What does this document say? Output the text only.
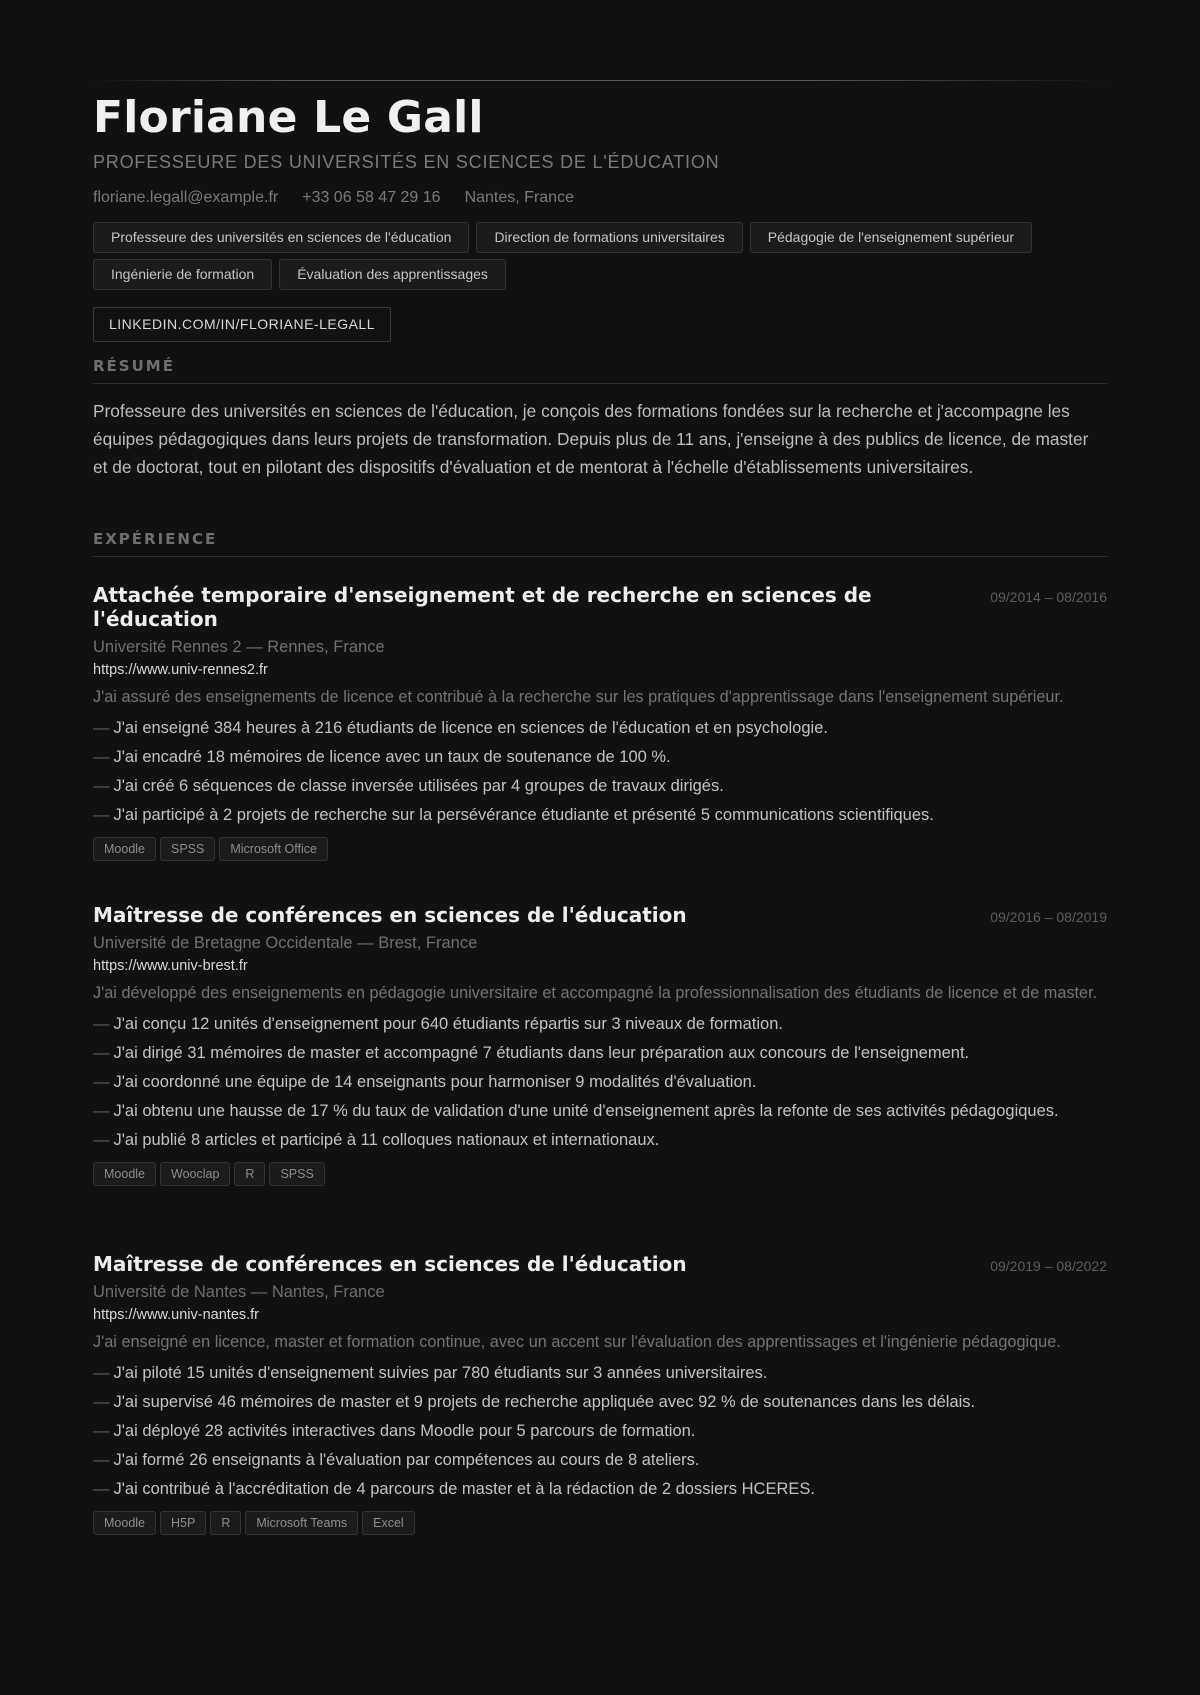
Floriane Le Gall
PROFESSEURE DES UNIVERSITÉS EN SCIENCES DE L'ÉDUCATION
floriane.legall@example.fr +33 06 58 47 29 16 Nantes, France
Professeure des universités en sciences de l'éducation	Direction de formations universitaires	Pédagogie de l'enseignement supérieur
Ingénierie de formation	Évaluation des apprentissages
LINKEDIN.COM/IN/FLORIANE-LEGALL
RÉSUMÉ

Professeure des universités en sciences de l'éducation, je conçois des formations fondées sur la recherche et j'accompagne les équipes pédagogiques dans leurs projets de transformation. Depuis plus de 11 ans, j'enseigne à des publics de licence, de master et de doctorat, tout en pilotant des dispositifs d'évaluation et de mentorat à l'échelle d'établissements universitaires.

EXPÉRIENCE
Attachée temporaire d'enseignement et de recherche en sciences de l'éducation
09/2014 – 08/2016
Université Rennes 2 — Rennes, France
https://www.univ-rennes2.fr
J'ai assuré des enseignements de licence et contribué à la recherche sur les pratiques d'apprentissage dans l'enseignement supérieur.
— J'ai enseigné 384 heures à 216 étudiants de licence en sciences de l'éducation et en psychologie.
— J'ai encadré 18 mémoires de licence avec un taux de soutenance de 100 %.
— J'ai créé 6 séquences de classe inversée utilisées par 4 groupes de travaux dirigés.
— J'ai participé à 2 projets de recherche sur la persévérance étudiante et présenté 5 communications scientifiques.
Moodle	SPSS	Microsoft Office
Maîtresse de conférences en sciences de l'éducation	09/2016 – 08/2019
Université de Bretagne Occidentale — Brest, France
https://www.univ-brest.fr
J'ai développé des enseignements en pédagogie universitaire et accompagné la professionnalisation des étudiants de licence et de master.
— J'ai conçu 12 unités d'enseignement pour 640 étudiants répartis sur 3 niveaux de formation.
— J'ai dirigé 31 mémoires de master et accompagné 7 étudiants dans leur préparation aux concours de l'enseignement.
— J'ai coordonné une équipe de 14 enseignants pour harmoniser 9 modalités d'évaluation.
— J'ai obtenu une hausse de 17 % du taux de validation d'une unité d'enseignement après la refonte de ses activités pédagogiques.
— J'ai publié 8 articles et participé à 11 colloques nationaux et internationaux.
Moodle	Wooclap	R	SPSS
Maîtresse de conférences en sciences de l'éducation	09/2019 – 08/2022
Université de Nantes — Nantes, France
https://www.univ-nantes.fr
J'ai enseigné en licence, master et formation continue, avec un accent sur l'évaluation des apprentissages et l'ingénierie pédagogique.
— J'ai piloté 15 unités d'enseignement suivies par 780 étudiants sur 3 années universitaires.
— J'ai supervisé 46 mémoires de master et 9 projets de recherche appliquée avec 92 % de soutenances dans les délais.
— J'ai déployé 28 activités interactives dans Moodle pour 5 parcours de formation.
— J'ai formé 26 enseignants à l'évaluation par compétences au cours de 8 ateliers.
— J'ai contribué à l'accréditation de 4 parcours de master et à la rédaction de 2 dossiers HCERES.
Moodle	H5P	R	Microsoft Teams	Excel
